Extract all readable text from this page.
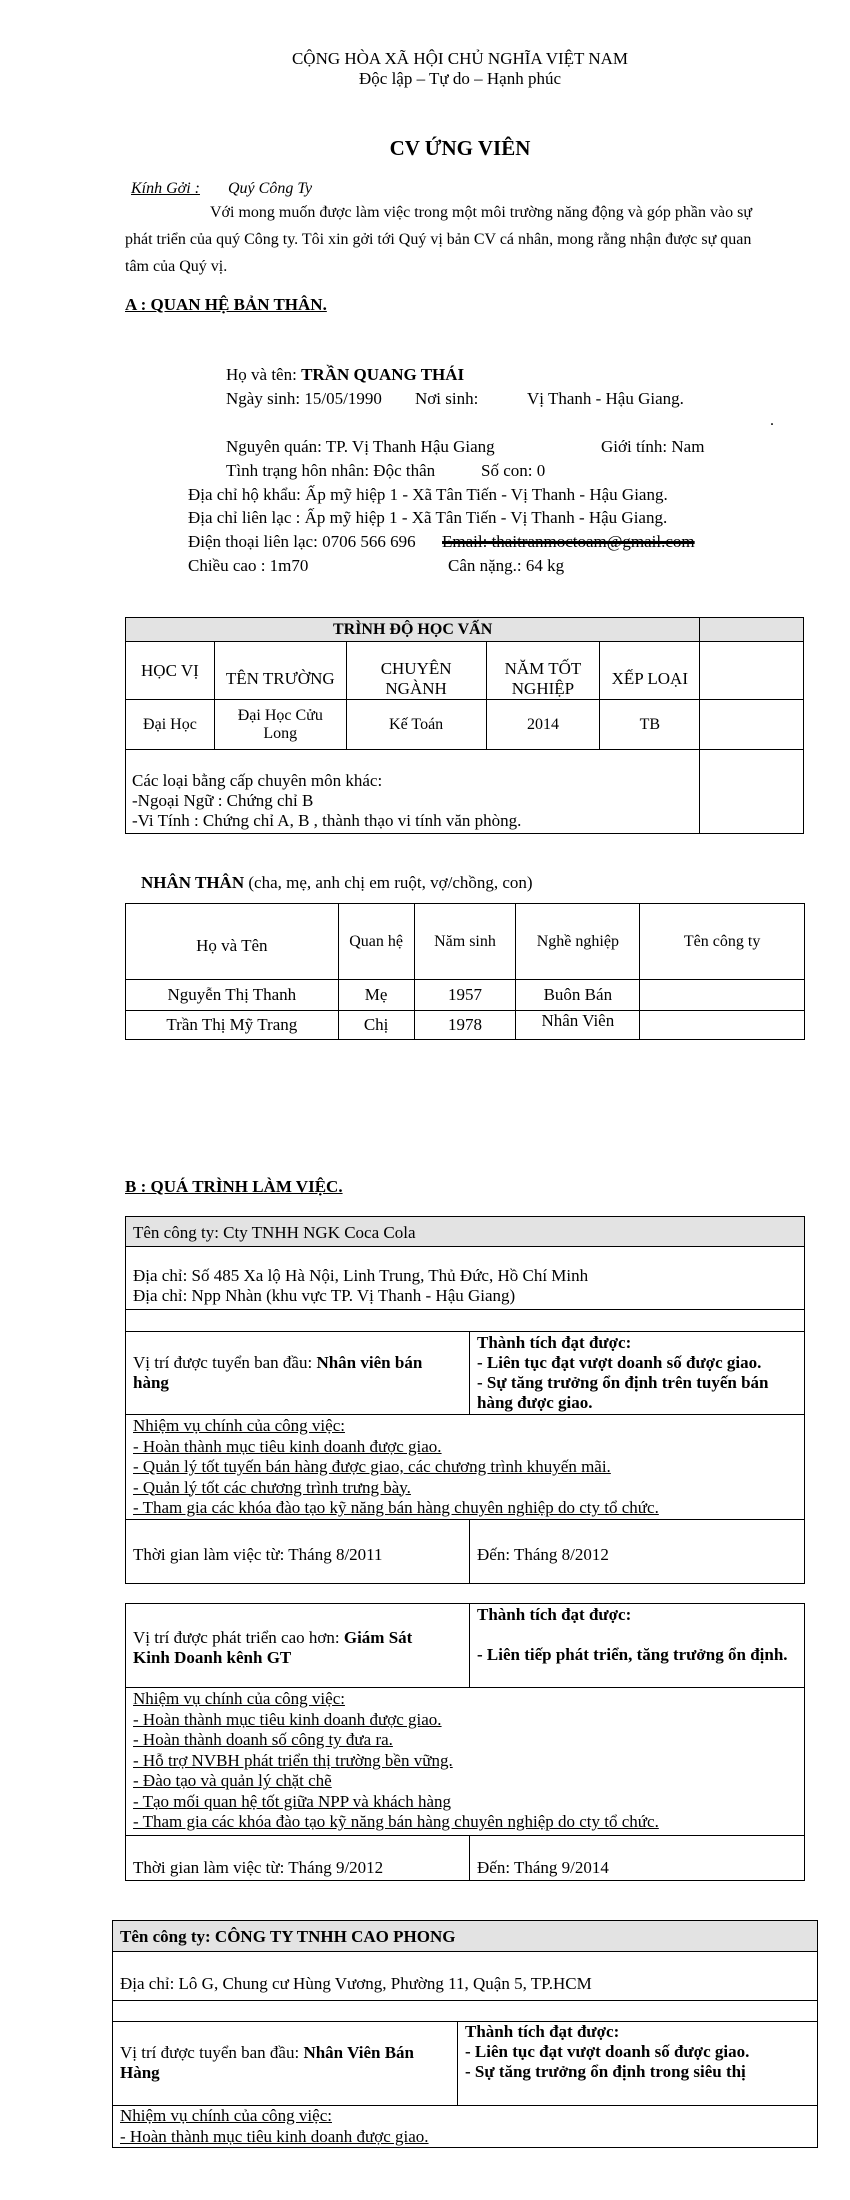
CỘNG HÒA XÃ HỘI CHỦ NGHĨA VIỆT NAM
Độc lập – Tự do – Hạnh phúc
CV ỨNG VIÊN
Kính Gởi : Quý Công Ty
Với mong muốn được làm việc trong một môi trường năng động và góp phần vào sự
phát triển của quý Công ty. Tôi xin gởi tới Quý vị bản CV cá nhân, mong rằng nhận được sự quan
tâm của Quý vị.
A : QUAN HỆ BẢN THÂN.
Họ và tên: TRẦN QUANG THÁI
Ngày sinh: 15/05/1990 Nơi sinh:	Vị Thanh - Hậu Giang.
.
Nguyên quán: TP. Vị Thanh Hậu Giang	Giới tính: Nam
Tình trạng hôn nhân: Độc thân	Số con: 0
Địa chỉ hộ khẩu: Ấp mỹ hiệp 1 - Xã Tân Tiến - Vị Thanh - Hậu Giang.
Địa chỉ liên lạc : Ấp mỹ hiệp 1 - Xã Tân Tiến - Vị Thanh - Hậu Giang.
Điện thoại liên lạc: 0706 566 696 Email: thaitranmoctoam@gmail.com
Chiều cao : 1m70	Cân nặng.: 64 kg
TRÌNH ĐỘ HỌC VẤN					
HỌC VỊ	TÊN TRƯỜNG	CHUYÊN NGÀNH	NĂM TỐT NGHIỆP	XẾP LOẠI	
Đại Học	Đại Học Cửu Long	Kế Toán	2014	TB	

Các loại bằng cấp chuyên môn khác:
-Ngoại Ngữ : Chứng chỉ B
-Vi Tính : Chứng chỉ A, B , thành thạo vi tính văn phòng.					

NHÂN THÂN (cha, mẹ, anh chị em ruột, vợ/chồng, con)
Họ và Tên	Quan hệ	Năm sinh	Nghề nghiệp	Tên công ty
Nguyễn Thị Thanh	Mẹ	1957	Buôn Bán	
Trần Thị Mỹ Trang	Chị	1978	Nhân Viên	
B : QUÁ TRÌNH LÀM VIỆC.
Tên công ty: Cty TNHH NGK Coca Cola
Địa chỉ: Số 485 Xa lộ Hà Nội, Linh Trung, Thủ Đức, Hồ Chí Minh
Địa chỉ: Npp Nhàn (khu vực TP. Vị Thanh - Hậu Giang)
Vị trí được tuyển ban đầu: Nhân viên bán hàng
Thành tích đạt được:
- Liên tục đạt vượt doanh số được giao.
- Sự tăng trưởng ổn định trên tuyến bán hàng được giao.
Nhiệm vụ chính của công việc:
- Hoàn thành mục tiêu kinh doanh được giao.
- Quản lý tốt tuyến bán hàng được giao, các chương trình khuyến mãi.
- Quản lý tốt các chương trình trưng bày.
- Tham gia các khóa đào tạo kỹ năng bán hàng chuyên nghiệp do cty tổ chức.
Thời gian làm việc từ: Tháng 8/2011	Đến: Tháng 8/2012
Vị trí được phát triển cao hơn: Giám Sát Kinh Doanh kênh GT
Thành tích đạt được:
- Liên tiếp phát triển, tăng trưởng ổn định.
Nhiệm vụ chính của công việc:
- Hoàn thành mục tiêu kinh doanh được giao.
- Hoàn thành doanh số công ty đưa ra.
- Hỗ trợ NVBH phát triển thị trường bền vững.
- Đào tạo và quản lý chặt chẽ
- Tạo mối quan hệ tốt giữa NPP và khách hàng
- Tham gia các khóa đào tạo kỹ năng bán hàng chuyên nghiệp do cty tổ chức.
Thời gian làm việc từ: Tháng 9/2012	Đến: Tháng 9/2014
Tên công ty: CÔNG TY TNHH CAO PHONG
Địa chỉ: Lô G, Chung cư Hùng Vương, Phường 11, Quận 5, TP.HCM
Vị trí được tuyển ban đầu: Nhân Viên Bán Hàng
Thành tích đạt được:
- Liên tục đạt vượt doanh số được giao.
- Sự tăng trưởng ổn định trong siêu thị
Nhiệm vụ chính của công việc:
- Hoàn thành mục tiêu kinh doanh được giao.
